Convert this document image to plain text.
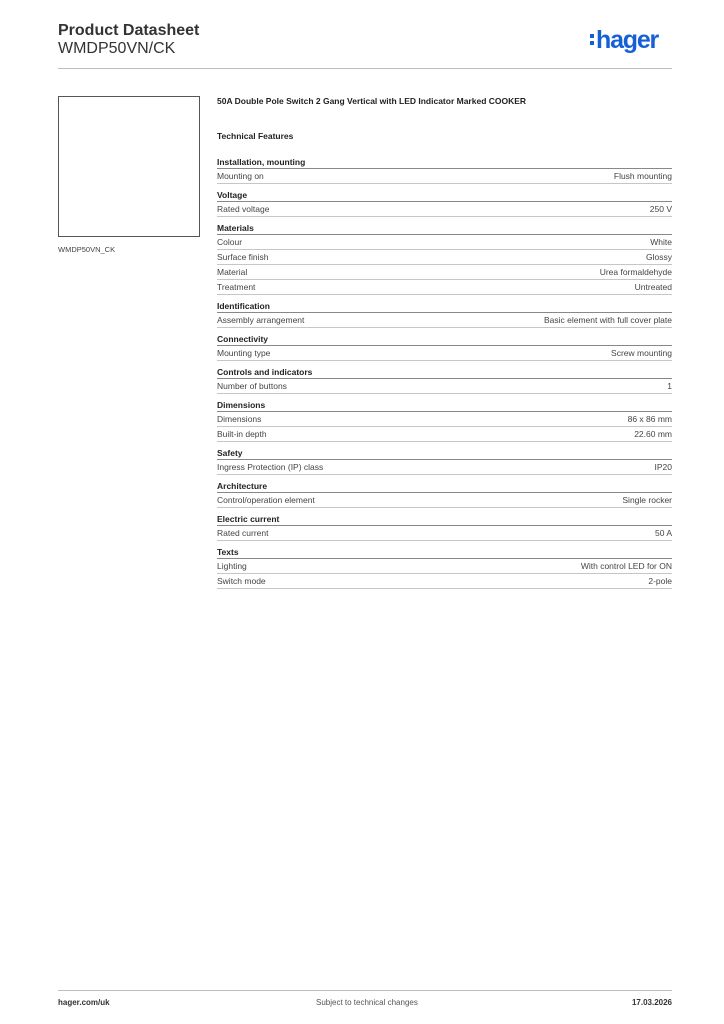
Product Datasheet
WMDP50VN/CK	hager
WMDP50VN_CK
50A Double Pole Switch 2 Gang Vertical with LED Indicator Marked COOKER
Technical Features
Installation, mounting
Mounting on	Flush mounting
Voltage
Rated voltage	250 V
Materials
Colour	White
Surface finish	Glossy
Material	Urea formaldehyde
Treatment	Untreated
Identification
Assembly arrangement	Basic element with full cover plate
Connectivity
Mounting type	Screw mounting
Controls and indicators
Number of buttons	1
Dimensions
Dimensions	86 x 86 mm
Built-in depth	22.60 mm
Safety
Ingress Protection (IP) class	IP20
Architecture
Control/operation element	Single rocker
Electric current
Rated current	50 A
Texts
Lighting	With control LED for ON
Switch mode	2-pole
hager.com/uk	Subject to technical changes	17.03.2026
